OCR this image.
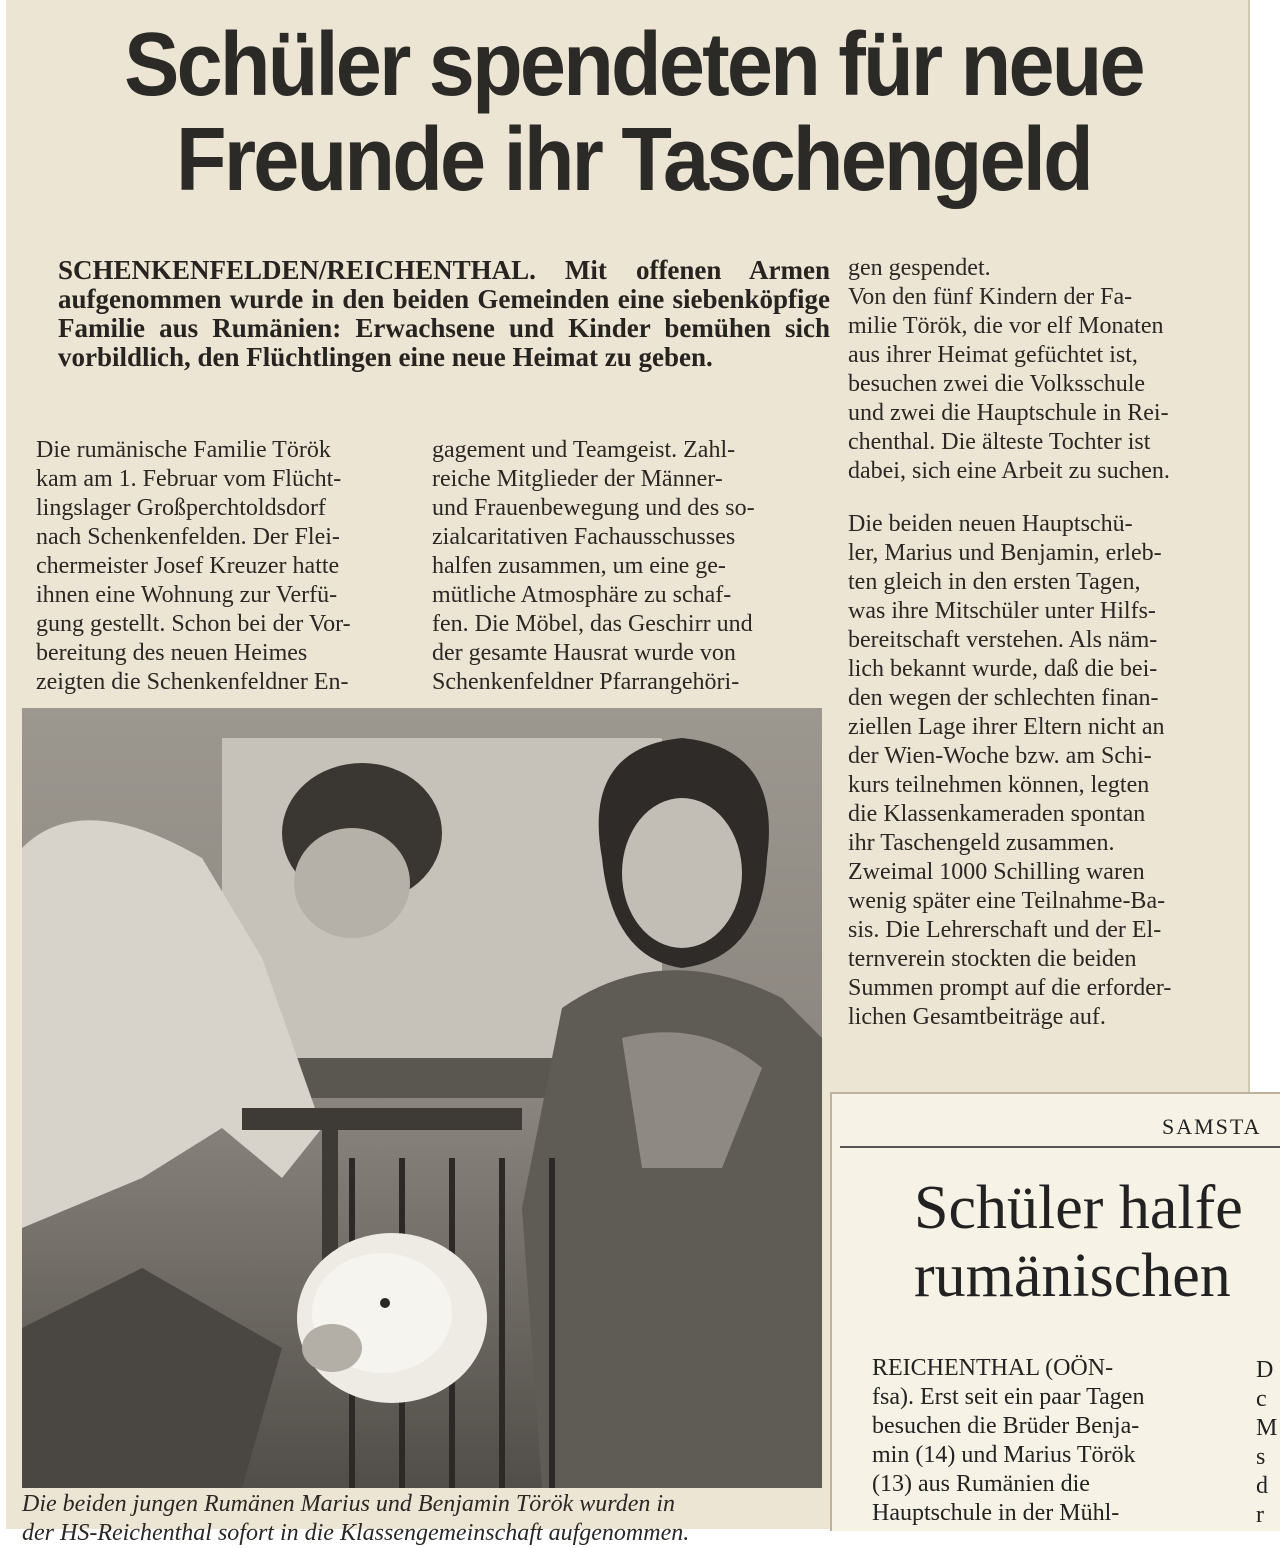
Schüler spendeten für neue
Freunde ihr Taschengeld
SCHENKENFELDEN/REICHENTHAL. Mit offenen Armen aufgenommen wurde in den beiden Gemeinden eine siebenköpfige Familie aus Rumänien: Erwachsene und Kinder bemühen sich vorbildlich, den Flüchtlingen eine neue Heimat zu geben.
Die rumänische Familie Török
kam am 1. Februar vom Flücht-
lingslager Großperchtoldsdorf
nach Schenkenfelden. Der Flei-
chermeister Josef Kreuzer hatte
ihnen eine Wohnung zur Verfü-
gung gestellt. Schon bei der Vor-
bereitung des neuen Heimes
zeigten die Schenkenfeldner En-
gagement und Teamgeist. Zahl-
reiche Mitglieder der Männer-
und Frauenbewegung und des so-
zialcaritativen Fachausschusses
halfen zusammen, um eine ge-
mütliche Atmosphäre zu schaf-
fen. Die Möbel, das Geschirr und
der gesamte Hausrat wurde von
Schenkenfeldner Pfarrangehöri-
gen gespendet.
Von den fünf Kindern der Fa-
milie Török, die vor elf Monaten
aus ihrer Heimat gefüchtet ist,
besuchen zwei die Volksschule
und zwei die Hauptschule in Rei-
chenthal. Die älteste Tochter ist
dabei, sich eine Arbeit zu suchen.
Die beiden neuen Hauptschü-
ler, Marius und Benjamin, erleb-
ten gleich in den ersten Tagen,
was ihre Mitschüler unter Hilfs-
bereitschaft verstehen. Als näm-
lich bekannt wurde, daß die bei-
den wegen der schlechten finan-
ziellen Lage ihrer Eltern nicht an
der Wien-Woche bzw. am Schi-
kurs teilnehmen können, legten
die Klassenkameraden spontan
ihr Taschengeld zusammen.
Zweimal 1000 Schilling waren
wenig später eine Teilnahme-Ba-
sis. Die Lehrerschaft und der El-
ternverein stockten die beiden
Summen prompt auf die erforder-
lichen Gesamtbeiträge auf.
Die beiden jungen Rumänen Marius und Benjamin Török wurden in
der HS-Reichenthal sofort in die Klassengemeinschaft aufgenommen.
SAMSTA
Schüler halfe
rumänischen
REICHENTHAL (OÖN-
fsa). Erst seit ein paar Tagen
besuchen die Brüder Benja-
min (14) und Marius Török
(13) aus Rumänien die
Hauptschule in der Mühl-
D
c
M
s
d
r
